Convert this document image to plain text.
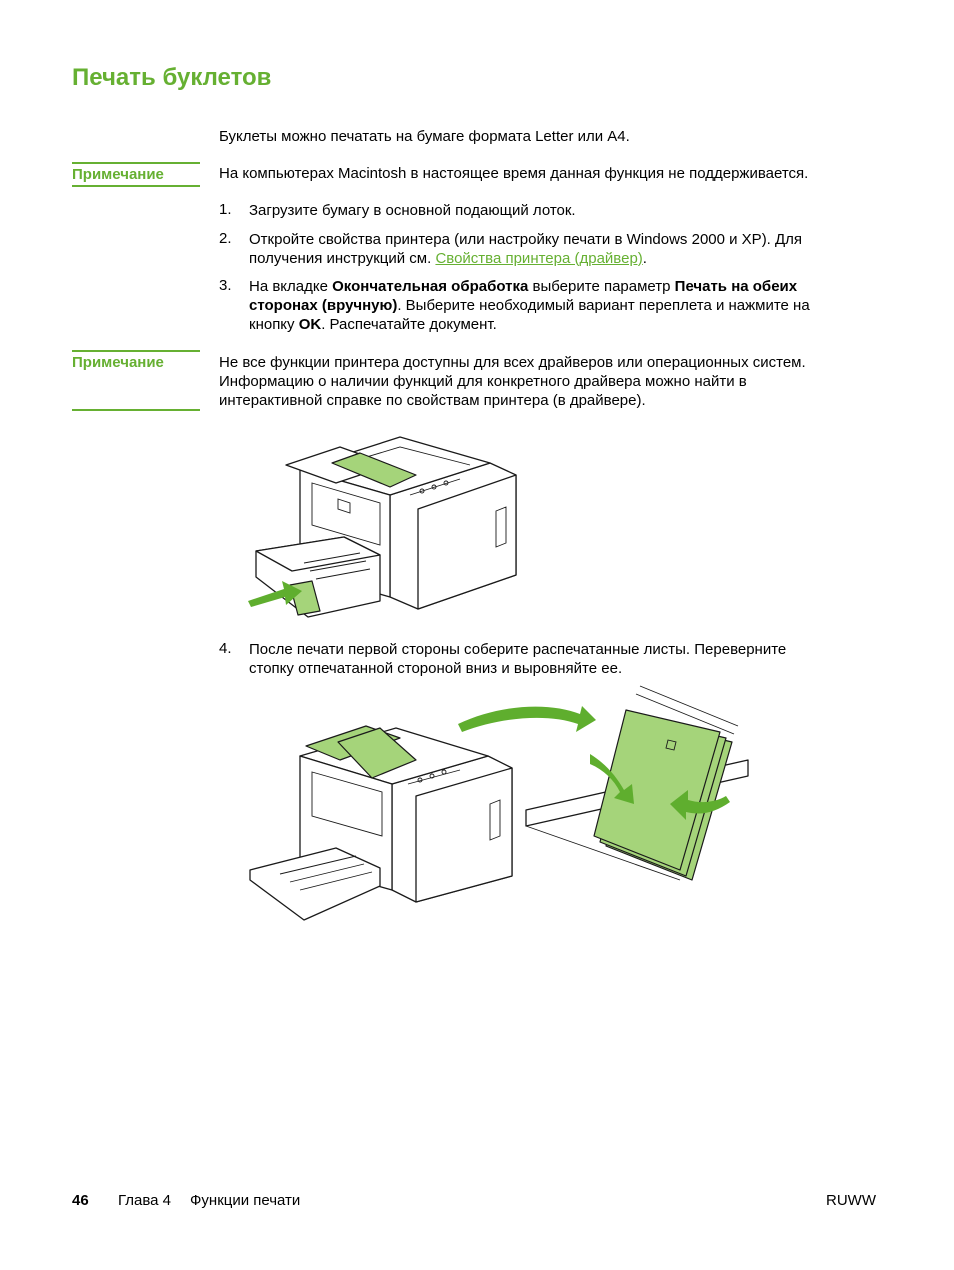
Печать буклетов
Буклеты можно печатать на бумаге формата Letter или А4.
Примечание	На компьютерах Macintosh в настоящее время данная функция не поддерживается.
1.	Загрузите бумагу в основной подающий лоток.
2.	Откройте свойства принтера (или настройку печати в Windows 2000 и XP). Для
получения инструкций см. Свойства принтера (драйвер).
3.	На вкладке Окончательная обработка выберите параметр Печать на обеих
сторонах (вручную). Выберите необходимый вариант переплета и нажмите на
кнопку OK. Распечатайте документ.
Примечание	Не все функции принтера доступны для всех драйверов или операционных систем.
Информацию о наличии функций для конкретного драйвера можно найти в
интерактивной справке по свойствам принтера (в драйвере).
4.	После печати первой стороны соберите распечатанные листы. Переверните
стопку отпечатанной стороной вниз и выровняйте ее.
46 Глава 4 Функции печати	RUWW
